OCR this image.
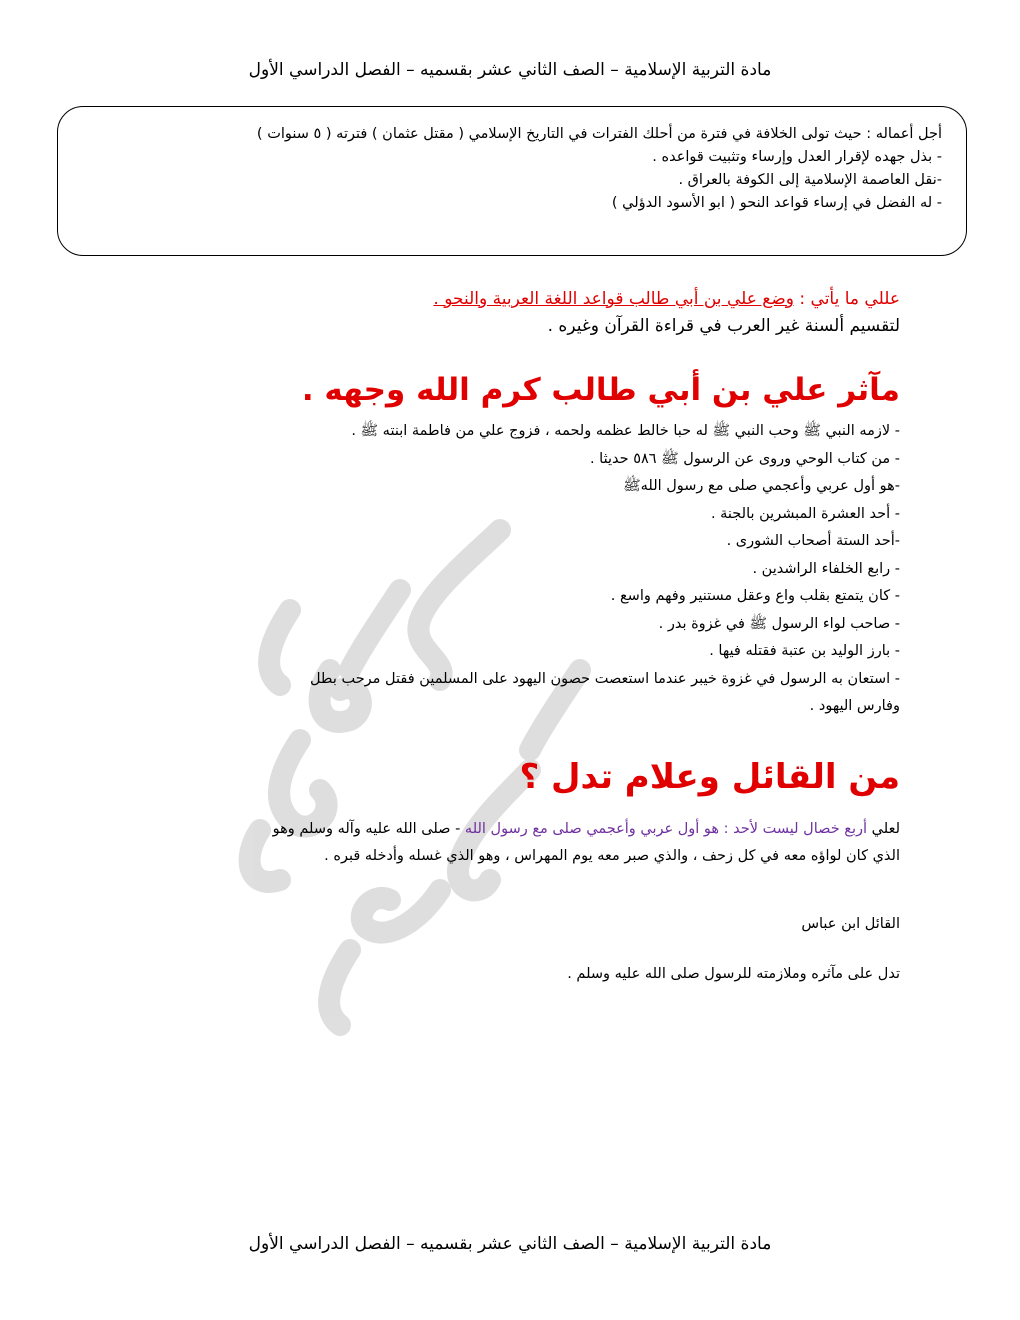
مادة التربية الإسلامية – الصف الثاني عشر بقسميه – الفصل الدراسي الأول
أجل أعماله : حيث تولى الخلافة في فترة من أحلك الفترات في التاريخ الإسلامي ( مقتل عثمان ) فترته ( ٥ سنوات )
- بذل جهده لإقرار العدل وإرساء وتثبيت قواعده .
-نقل العاصمة الإسلامية إلى الكوفة بالعراق .
- له الفضل في إرساء قواعد النحو ( ابو الأسود الدؤلي )
عللي ما يأتي : وضع علي بن أبي طالب قواعد اللغة العربية والنحو .
لتقسيم ألسنة غير العرب في قراءة القرآن وغيره .
مآثر علي بن أبي طالب كرم الله وجهه .
- لازمه النبي ﷺ وحب النبي ﷺ له حبا خالط عظمه ولحمه ، فزوج علي من فاطمة ابنته ﷺ .
- من كتاب الوحي وروى عن الرسول ﷺ ٥٨٦ حديثا .
-هو أول عربي وأعجمي صلى مع رسول اللهﷺ
- أحد العشرة المبشرين بالجنة .
-أحد الستة أصحاب الشورى .
- رابع الخلفاء الراشدين .
- كان يتمتع بقلب واع وعقل مستنير وفهم واسع .
- صاحب لواء الرسول ﷺ في غزوة بدر .
- بارز الوليد بن عتبة فقتله فيها .
- استعان به الرسول في غزوة خيبر عندما استعصت حصون اليهود على المسلمين فقتل مرحب بطل
وفارس اليهود .
من القائل وعلام تدل ؟
لعلي أربع خصال ليست لأحد : هو أول عربي وأعجمي صلى مع رسول الله - صلى الله عليه وآله وسلم وهو
الذي كان لواؤه معه في كل زحف ، والذي صبر معه يوم المهراس ، وهو الذي غسله وأدخله قبره .
القائل ابن عباس
تدل على مآثره وملازمته للرسول صلى الله عليه وسلم .
مادة التربية الإسلامية – الصف الثاني عشر بقسميه – الفصل الدراسي الأول
